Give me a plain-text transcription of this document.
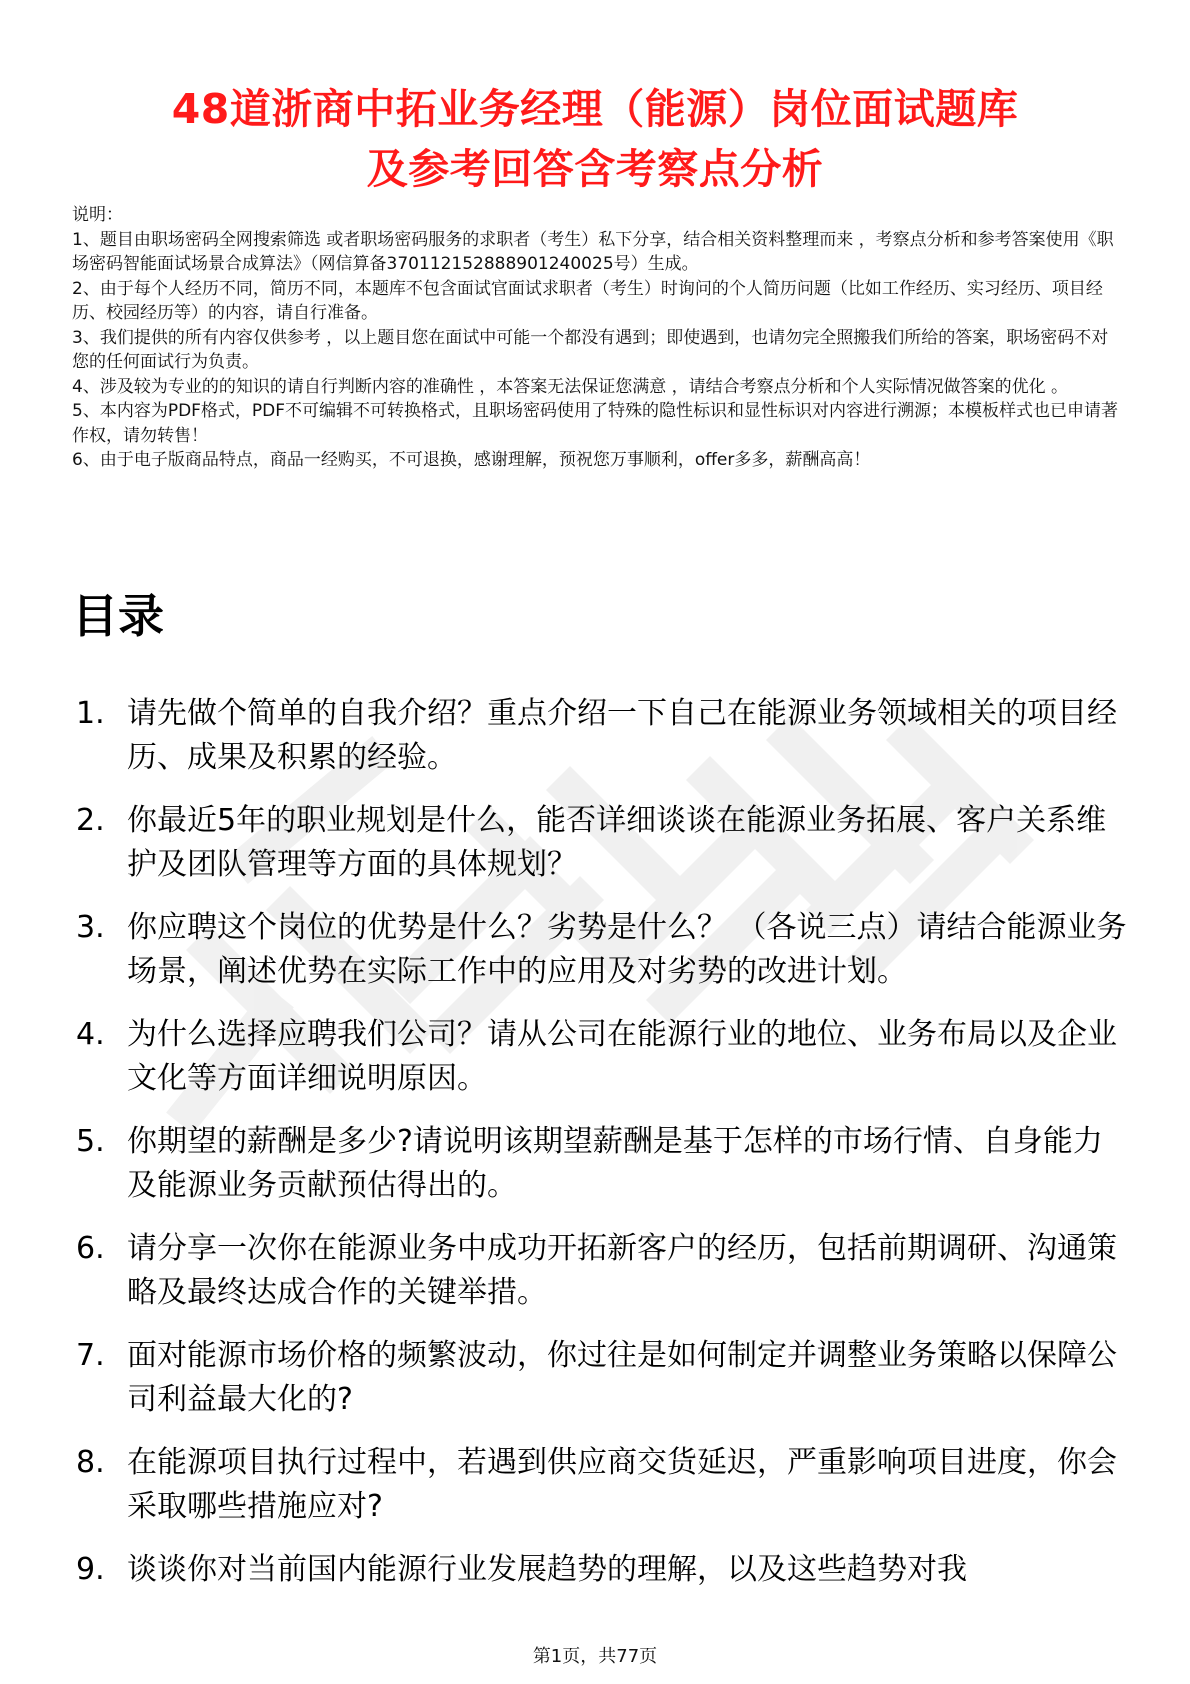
48道浙商中拓业务经理（能源）岗位面试题库
及参考回答含考察点分析

说明：

1、题目由职场密码全网搜索筛选 或者职场密码服务的求职者（考生）私下分享，结合相关资料整理而来 ，考察点分析和参考答案使用《职场密码智能面试场景合成算法》（网信算备370112152888901240025号）生成。

2、由于每个人经历不同，简历不同，本题库不包含面试官面试求职者（考生）时询问的个人简历问题（比如工作经历、实习经历、项目经历、校园经历等）的内容，请自行准备。

3、我们提供的所有内容仅供参考 ，以上题目您在面试中可能一个都没有遇到；即使遇到，也请勿完全照搬我们所给的答案，职场密码不对您的任何面试行为负责。

4、涉及较为专业的的知识的请自行判断内容的准确性 ，本答案无法保证您满意 ，请结合考察点分析和个人实际情况做答案的优化 。

5、本内容为PDF格式，PDF不可编辑不可转换格式，且职场密码使用了特殊的隐性标识和显性标识对内容进行溯源；本模板样式也已申请著作权，请勿转售！

6、由于电子版商品特点，商品一经购买，不可退换，感谢理解，预祝您万事顺利，offer多多，薪酬高高！

目录
1. 请先做个简单的自我介绍？重点介绍一下自己在能源业务领域相关的项目经历、成果及积累的经验。
2. 你最近5年的职业规划是什么，能否详细谈谈在能源业务拓展、客户关系维护及团队管理等方面的具体规划？
3. 你应聘这个岗位的优势是什么？劣势是什么？ （各说三点）请结合能源业务场景，阐述优势在实际工作中的应用及对劣势的改进计划。
4. 为什么选择应聘我们公司？请从公司在能源行业的地位、业务布局以及企业文化等方面详细说明原因。
5. 你期望的薪酬是多少?请说明该期望薪酬是基于怎样的市场行情、自身能力及能源业务贡献预估得出的。
6. 请分享一次你在能源业务中成功开拓新客户的经历，包括前期调研、沟通策略及最终达成合作的关键举措。
7. 面对能源市场价格的频繁波动，你过往是如何制定并调整业务策略以保障公司利益最大化的?
8. 在能源项目执行过程中，若遇到供应商交货延迟，严重影响项目进度，你会采取哪些措施应对?
9. 谈谈你对当前国内能源行业发展趋势的理解，以及这些趋势对我
第1页，共77页
